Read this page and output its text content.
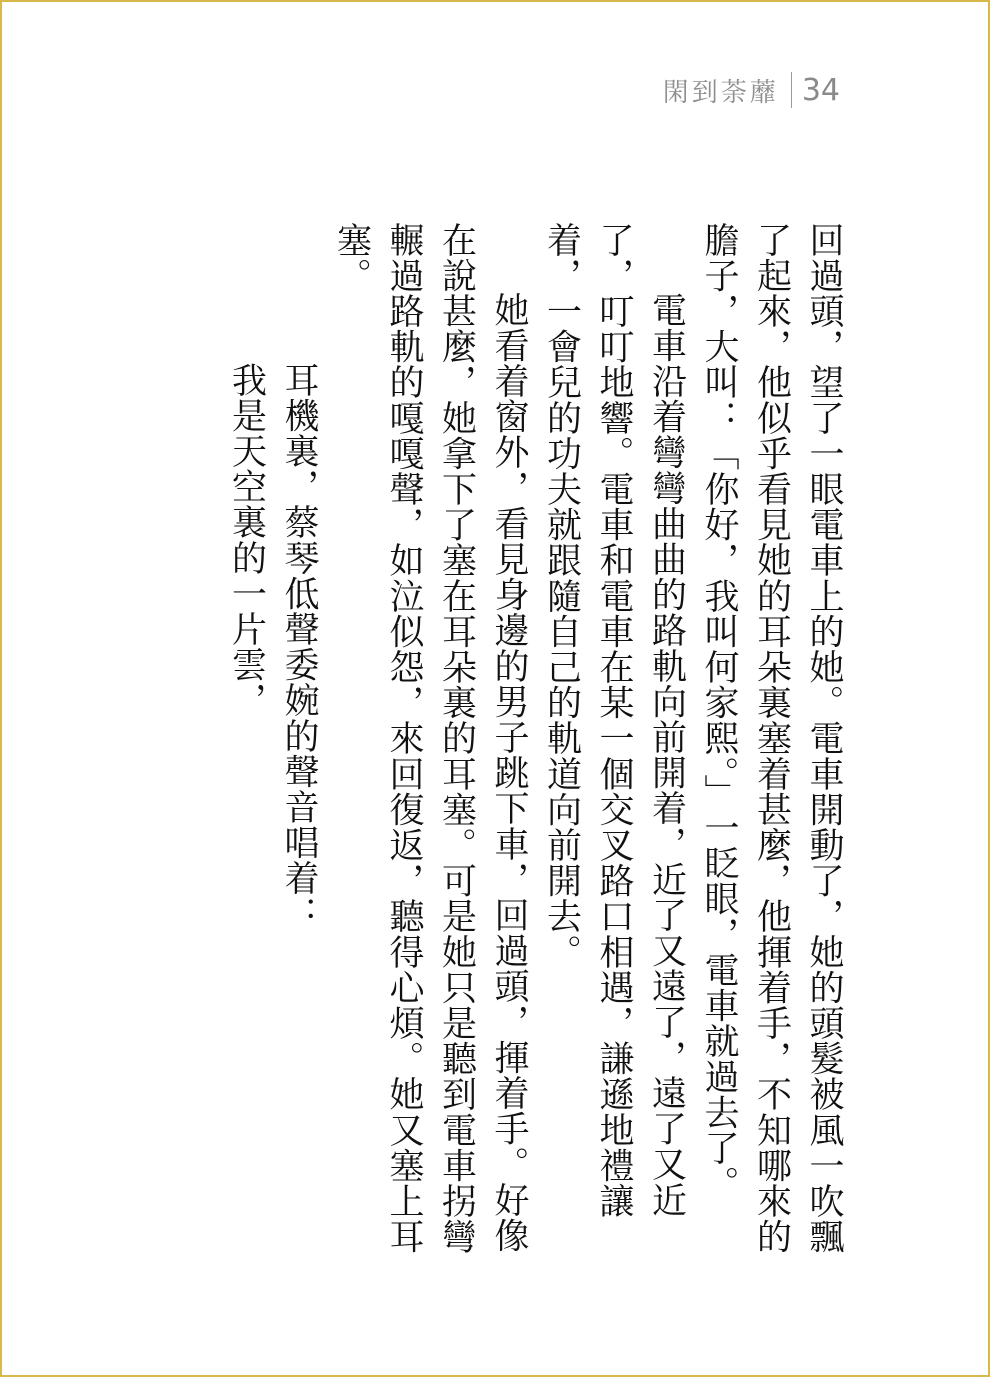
閑到荼蘼 34

回過頭，望了一眼電車上的她。電車開動了，她的頭髮被風一吹飄了起來，他似乎看見她的耳朵裏塞着甚麼，他揮着手，不知哪來的膽子，大叫：「你好，我叫何家熙。」一眨眼，電車就過去了。

電車沿着彎彎曲曲的路軌向前開着，近了又遠了，遠了又近了，叮叮地響。電車和電車在某一個交叉路口相遇，謙遜地禮讓着，一會兒的功夫就跟隨自己的軌道向前開去。

她看着窗外，看見身邊的男子跳下車，回過頭，揮着手。好像在說甚麼，她拿下了塞在耳朵裏的耳塞。可是她只是聽到電車拐彎輾過路軌的嘎嘎聲，如泣似怨，來回復返，聽得心煩。她又塞上耳塞。

耳機裏，蔡琴低聲委婉的聲音唱着：

我是天空裏的一片雲，
